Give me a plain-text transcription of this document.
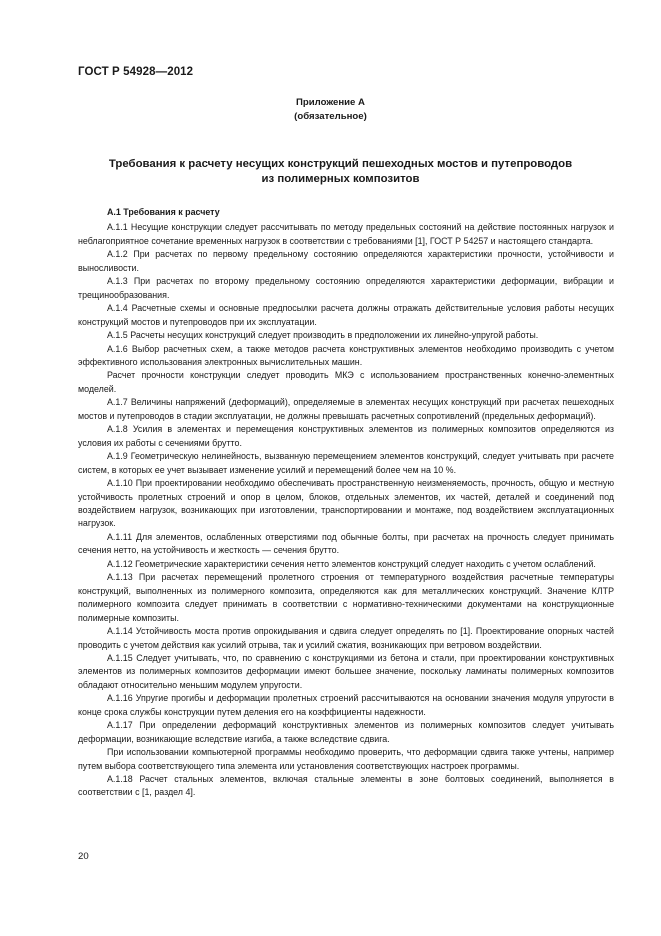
ГОСТ Р 54928—2012
Приложение А
(обязательное)
Требования к расчету несущих конструкций пешеходных мостов и путепроводов
из полимерных композитов
А.1 Требования к расчету

А.1.1 Несущие конструкции следует рассчитывать по методу предельных состояний на действие постоянных нагрузок и неблагоприятное сочетание временных нагрузок в соответствии с требованиями [1], ГОСТ Р 54257 и настоящего стандарта.

А.1.2 При расчетах по первому предельному состоянию определяются характеристики прочности, устойчивости и выносливости.

А.1.3 При расчетах по второму предельному состоянию определяются характеристики деформации, вибрации и трещинообразования.

А.1.4 Расчетные схемы и основные предпосылки расчета должны отражать действительные условия работы несущих конструкций мостов и путепроводов при их эксплуатации.

А.1.5 Расчеты несущих конструкций следует производить в предположении их линейно-упругой работы.

А.1.6 Выбор расчетных схем, а также методов расчета конструктивных элементов необходимо производить с учетом эффективного использования электронных вычислительных машин.

Расчет прочности конструкции следует проводить МКЭ с использованием пространственных конечно-элементных моделей.

А.1.7 Величины напряжений (деформаций), определяемые в элементах несущих конструкций при расчетах пешеходных мостов и путепроводов в стадии эксплуатации, не должны превышать расчетных сопротивлений (предельных деформаций).

А.1.8 Усилия в элементах и перемещения конструктивных элементов из полимерных композитов определяются из условия их работы с сечениями брутто.

А.1.9 Геометрическую нелинейность, вызванную перемещением элементов конструкций, следует учитывать при расчете систем, в которых ее учет вызывает изменение усилий и перемещений более чем на 10 %.

А.1.10 При проектировании необходимо обеспечивать пространственную неизменяемость, прочность, общую и местную устойчивость пролетных строений и опор в целом, блоков, отдельных элементов, их частей, деталей и соединений под воздействием нагрузок, возникающих при изготовлении, транспортировании и монтаже, под воздействием эксплуатационных нагрузок.

А.1.11 Для элементов, ослабленных отверстиями под обычные болты, при расчетах на прочность следует принимать сечения нетто, на устойчивость и жесткость — сечения брутто.

А.1.12 Геометрические характеристики сечения нетто элементов конструкций следует находить с учетом ослаблений.

А.1.13 При расчетах перемещений пролетного строения от температурного воздействия расчетные температуры конструкций, выполненных из полимерного композита, определяются как для металлических конструкций. Значение КЛТР полимерного композита следует принимать в соответствии с нормативно-техническими документами на конструкционные полимерные композиты.

А.1.14 Устойчивость моста против опрокидывания и сдвига следует определять по [1]. Проектирование опорных частей проводить с учетом действия как усилий отрыва, так и усилий сжатия, возникающих при ветровом воздействии.

А.1.15 Следует учитывать, что, по сравнению с конструкциями из бетона и стали, при проектировании конструктивных элементов из полимерных композитов деформации имеют большее значение, поскольку ламинаты полимерных композитов обладают относительно меньшим модулем упругости.

А.1.16 Упругие прогибы и деформации пролетных строений рассчитываются на основании значения модуля упругости в конце срока службы конструкции путем деления его на коэффициенты надежности.

А.1.17 При определении деформаций конструктивных элементов из полимерных композитов следует учитывать деформации, возникающие вследствие изгиба, а также вследствие сдвига.

При использовании компьютерной программы необходимо проверить, что деформации сдвига также учтены, например путем выбора соответствующего типа элемента или установления соответствующих настроек программы.

А.1.18 Расчет стальных элементов, включая стальные элементы в зоне болтовых соединений, выполняется в соответствии с [1, раздел 4].

20
